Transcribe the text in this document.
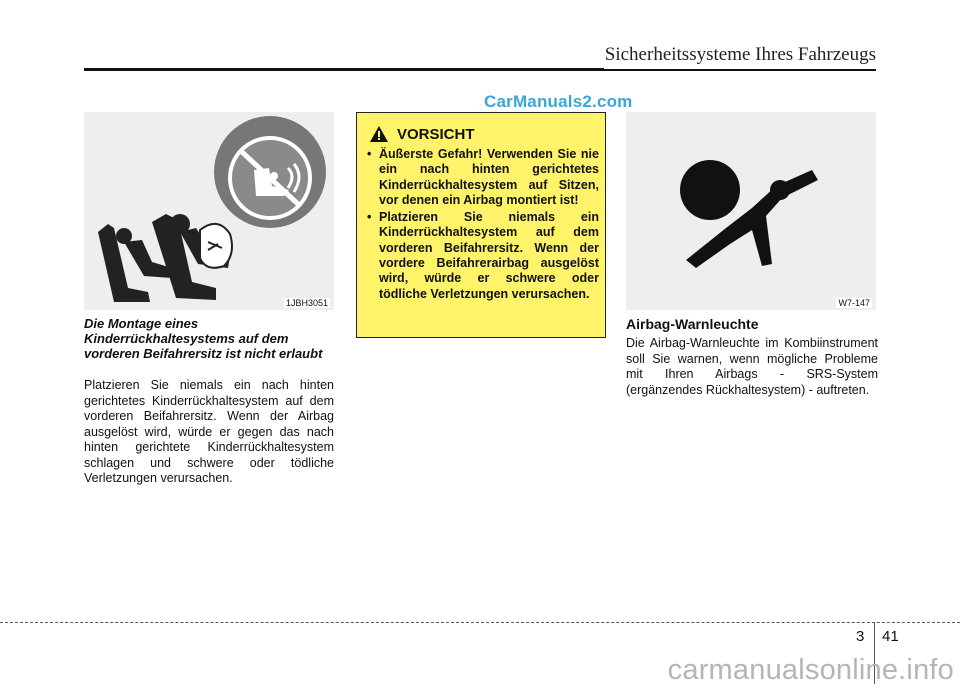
Sicherheitssysteme Ihres Fahrzeugs
CarManuals2.com
1JBH3051
Die Montage eines Kinderrückhaltesystems auf dem vorderen Beifahrersitz ist nicht erlaubt
Platzieren Sie niemals ein nach hinten gerichtetes Kinderrückhaltesystem auf dem vorderen Beifahrersitz. Wenn der Airbag ausgelöst wird, würde er gegen das nach hinten gerichtete Kinderrückhaltesystem schlagen und schwere oder tödliche Verletzungen verursachen.
VORSICHT
• Äußerste Gefahr! Verwenden Sie nie ein nach hinten gerichtetes Kinderrückhaltesystem auf Sitzen, vor denen ein Airbag montiert ist!
• Platzieren Sie niemals ein Kinderrückhaltesystem auf dem vorderen Beifahrersitz. Wenn der vordere Beifahrerairbag ausgelöst wird, würde er schwere oder tödliche Verletzungen verursachen.
W7-147
Airbag-Warnleuchte
Die Airbag-Warnleuchte im Kombiinstrument soll Sie warnen, wenn mögliche Probleme mit Ihren Airbags - SRS-System (ergänzendes Rückhaltesystem) - auftreten.
3 41
carmanualsonline.info
